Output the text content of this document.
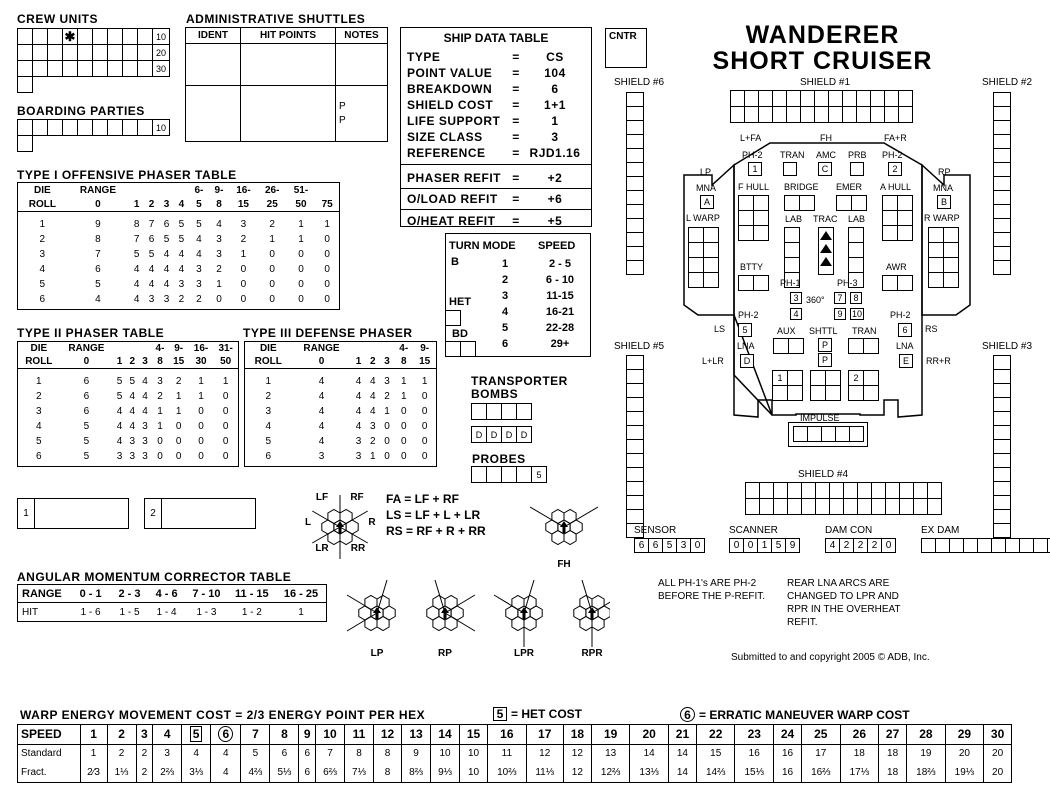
WANDERER
SHORT CRUISER
CNTR
CREW UNITS
✱	10
20
30
BOARDING PARTIES
10
ADMINISTRATIVE SHUTTLES
IDENT	HIT POINTS	NOTES

		P
		P

SHIP DATA TABLE
TYPE	=	CS
POINT VALUE	=	104
BREAKDOWN	=	6
SHIELD COST	=	1+1
LIFE SUPPORT =	1
SIZE CLASS	=	3
REFERENCE	= RJD1.16
PHASER REFIT =	+2
O/LOAD REFIT	=	+6
O/HEAT REFIT	=	+5
TYPE I OFFENSIVE PHASER TABLE
DIE	RANGE					6-	9-	16-	26-	51-	
ROLL	0	1	2	3	4	5	8	15	25	50	75

1	9	8	7	6	5	5	4	3	2	1	1
2	8	7	6	5	5	4	3	2	1	1	0
3	7	5	5	4	4	4	3	1	0	0	0
4	6	4	4	4	4	3	2	0	0	0	0
5	5	4	4	4	3	3	1	0	0	0	0
6	4	4	3	3	2	2	0	0	0	0	0
TYPE II PHASER TABLE
DIE	RANGE				4-	9-	16-	31-
ROLL	0	1	2	3	8	15	30	50

1	6	5	5	4	3	2	1	1
2	6	5	4	4	2	1	1	0
3	6	4	4	4	1	1	0	0
4	5	4	4	3	1	0	0	0
5	5	4	3	3	0	0	0	0
6	5	3	3	3	0	0	0	0
TYPE III DEFENSE PHASER
DIE	RANGE				4-	9-
ROLL	0	1	2	3	8	15

1	4	4	4	3	1	1
2	4	4	4	2	1	0
3	4	4	4	1	0	0
4	4	4	3	0	0	0
5	4	3	2	0	0	0
6	3	3	1	0	0	0
TURN MODE SPEED
B	1	2 - 5
2	6 - 10
3	11-15
4	16-21
5	22-28
6	29+
HET
BD
TRANSPORTER
BOMBS
D D D D
PROBES
5
1	2
LF RF
L	R
LR RR
FH
LP	RP	LPR	RPR
FA = LF + RF
LS = LF + L + LR
RS = RF + R + RR
ANGULAR MOMENTUM CORRECTOR TABLE
RANGE	0 - 1	2 - 3	4 - 6	7 - 10	11 - 15	16 - 25
HIT	1 - 6	1 - 5	1 - 4	1 - 3	1 - 2	1
SENSOR
6 6 5 3 0
SCANNER
0 0 1 5 9
DAM CON
4 2 2 2 0
EX DAM
ALL PH-1's ARE PH-2
BEFORE THE P-REFIT.
REAR LNA ARCS ARE
CHANGED TO LPR AND
RPR IN THE OVERHEAT
REFIT.
Submitted to and copyright 2005 © ADB, Inc.
SHIELD #6	SHIELD #2
SHIELD #5	SHIELD #3
SHIELD #1
SHIELD #4
L+FA	FH	FA+R
LP	RP
PH-2 TRAN AMC PRB PH-2
1	C	2
MNA
A
MNA
B
F HULL BRIDGE EMER A HULL
L WARP	R WARP
LAB TRAC LAB
BTTY	AWR
PH-1	PH-3
3
4
360°	7	8
9	10
PH-2	PH-2
LS	5	RS
6
AUX SHTTL
P
P
TRAN
LNA
D
LNA
E
L+LR	RR+R
1	2
IMPULSE
WARP ENERGY MOVEMENT COST = 2/3 ENERGY POINT PER HEX	5 = HET COST	6 = ERRATIC MANEUVER WARP COST
SPEED	1	2	3	4	5	6	7	8	9	10	11	12	13	14	15	16	17	18	19	20	21	22	23	24	25	26	27	28	29	30
Standard	1	2	2	3	4	4	5	6	6	7	8	8	9	10	10	11	12	12	13	14	14	15	16	16	17	18	18	19	20	20
Fract.	2⁄3	1⅓	2	2⅔	3⅓	4	4⅔	5⅓	6	6⅔	7⅓	8	8⅔	9⅓	10	10⅔	11⅓	12	12⅔	13⅓	14	14⅔	15⅓	16	16⅔	17⅓	18	18⅔	19⅓	20
